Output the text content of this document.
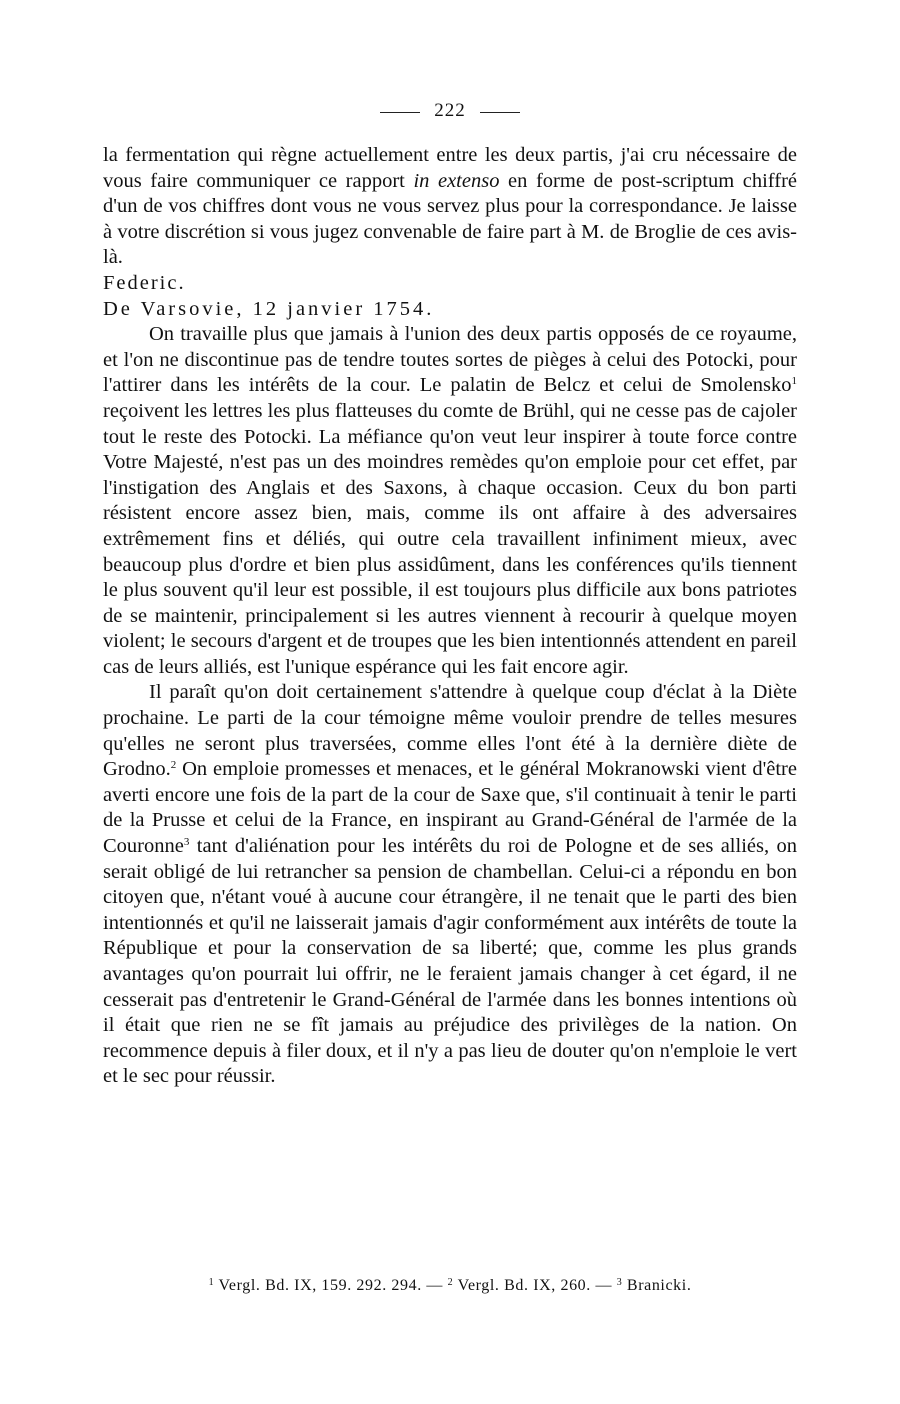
222

la fermentation qui règne actuellement entre les deux partis, j'ai cru nécessaire de vous faire communiquer ce rapport in extenso en forme de post-scriptum chiffré d'un de vos chiffres dont vous ne vous servez plus pour la correspondance. Je laisse à votre discrétion si vous jugez convenable de faire part à M. de Broglie de ces avis-là.

Federic.

De Varsovie, 12 janvier 1754.

On travaille plus que jamais à l'union des deux partis opposés de ce royaume, et l'on ne discontinue pas de tendre toutes sortes de pièges à celui des Potocki, pour l'attirer dans les intérêts de la cour. Le palatin de Belcz et celui de Smolensko$^1$ reçoivent les lettres les plus flatteuses du comte de Brühl, qui ne cesse pas de cajoler tout le reste des Potocki. La méfiance qu'on veut leur inspirer à toute force contre Votre Majesté, n'est pas un des moindres remèdes qu'on emploie pour cet effet, par l'instigation des Anglais et des Saxons, à chaque occasion. Ceux du bon parti résistent encore assez bien, mais, comme ils ont affaire à des adversaires extrêmement fins et déliés, qui outre cela travaillent infiniment mieux, avec beaucoup plus d'ordre et bien plus assidûment, dans les conférences qu'ils tiennent le plus souvent qu'il leur est possible, il est toujours plus difficile aux bons patriotes de se maintenir, principalement si les autres viennent à recourir à quelque moyen violent; le secours d'argent et de troupes que les bien intentionnés attendent en pareil cas de leurs alliés, est l'unique espérance qui les fait encore agir.

Il paraît qu'on doit certainement s'attendre à quelque coup d'éclat à la Diète prochaine. Le parti de la cour témoigne même vouloir prendre de telles mesures qu'elles ne seront plus traversées, comme elles l'ont été à la dernière diète de Grodno.$^2$ On emploie promesses et menaces, et le général Mokranowski vient d'être averti encore une fois de la part de la cour de Saxe que, s'il continuait à tenir le parti de la Prusse et celui de la France, en inspirant au Grand-Général de l'armée de la Couronne$^3$ tant d'aliénation pour les intérêts du roi de Pologne et de ses alliés, on serait obligé de lui retrancher sa pension de chambellan. Celui-ci a répondu en bon citoyen que, n'étant voué à aucune cour étrangère, il ne tenait que le parti des bien intentionnés et qu'il ne laisserait jamais d'agir conformément aux intérêts de toute la République et pour la conservation de sa liberté; que, comme les plus grands avantages qu'on pourrait lui offrir, ne le feraient jamais changer à cet égard, il ne cesserait pas d'entretenir le Grand-Général de l'armée dans les bonnes intentions où il était que rien ne se fît jamais au préjudice des privilèges de la nation. On recommence depuis à filer doux, et il n'y a pas lieu de douter qu'on n'emploie le vert et le sec pour réussir.

$^1$ Vergl. Bd. IX, 159. 292. 294. — $^2$ Vergl. Bd. IX, 260. — $^3$ Branicki.
